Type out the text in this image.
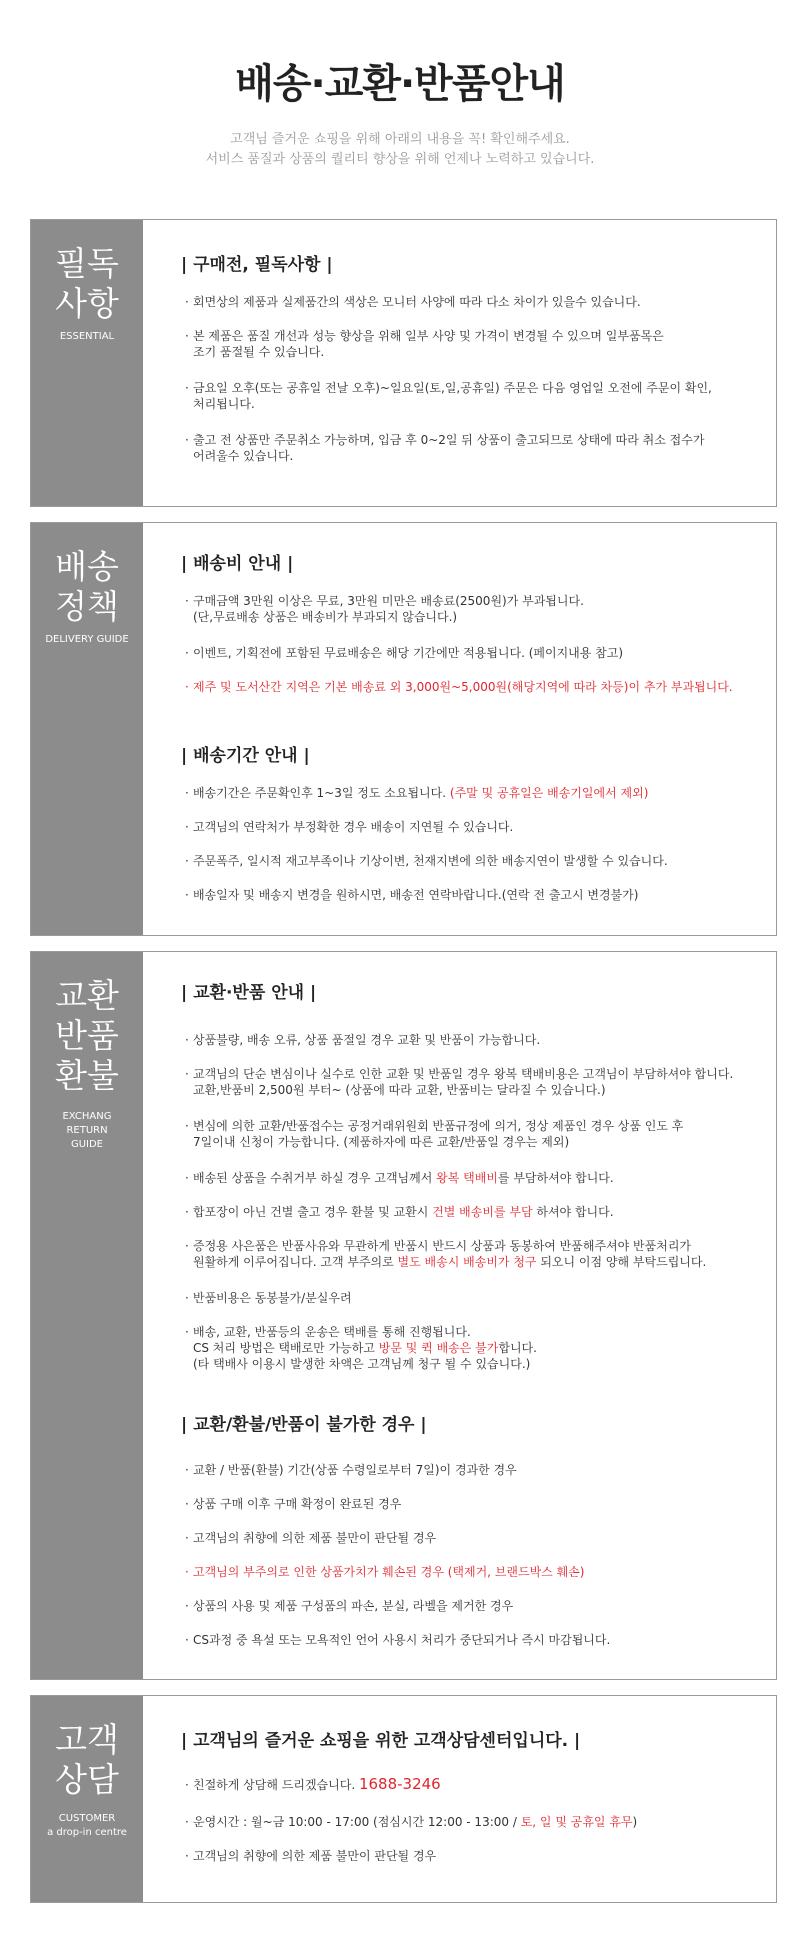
배송·교환·반품안내
고객님 즐거운 쇼핑을 위해 아래의 내용을 꼭! 확인해주세요.
서비스 품질과 상품의 퀄리티 향상을 위해 언제나 노력하고 있습니다.
필독
사항
ESSENTIAL
| 구매전, 필독사항 |
· 회면상의 제품과 실제품간의 색상은 모니터 사양에 따라 다소 차이가 있을수 있습니다.
· 본 제품은 품질 개선과 성능 향상을 위해 일부 사양 및 가격이 변경될 수 있으며 일부품목은
조기 품절될 수 있습니다.
· 금요일 오후(또는 공휴일 전날 오후)~일요일(토,일,공휴일) 주문은 다음 영업일 오전에 주문이 확인,
처리됩니다.
· 출고 전 상품만 주문취소 가능하며, 입금 후 0~2일 뒤 상품이 출고되므로 상태에 따라 취소 접수가
어려울수 있습니다.
배송
정책
DELIVERY GUIDE
| 배송비 안내 |
· 구매금액 3만원 이상은 무료, 3만원 미만은 배송료(2500원)가 부과됩니다.
(단,무료배송 상품은 배송비가 부과되지 않습니다.)
· 이벤트, 기획전에 포함된 무료배송은 해당 기간에만 적용됩니다. (페이지내용 참고)
· 제주 및 도서산간 지역은 기본 배송료 외 3,000원~5,000원(해당지역에 따라 차등)이 추가 부과됩니다.
| 배송기간 안내 |
· 배송기간은 주문확인후 1~3일 정도 소요됩니다. (주말 및 공휴일은 배송기일에서 제외)
· 고객님의 연락처가 부정확한 경우 배송이 지연될 수 있습니다.
· 주문폭주, 일시적 재고부족이나 기상이변, 천재지변에 의한 배송지연이 발생할 수 있습니다.
· 배송일자 및 배송지 변경을 원하시면, 배송전 연락바랍니다.(연락 전 출고시 변경불가)
교환
반품
환불
EXCHANG
RETURN
GUIDE
| 교환·반품 안내 |
· 상품불량, 배송 오류, 상품 품절일 경우 교환 및 반품이 가능합니다.
· 교객님의 단순 변심이나 실수로 인한 교환 및 반품일 경우 왕복 택배비용은 고객님이 부담하셔야 합니다.
교환,반품비 2,500원 부터~ (상품에 따라 교환, 반품비는 달라질 수 있습니다.)
· 변심에 의한 교환/반품접수는 공정거래위원회 반품규정에 의거, 정상 제품인 경우 상품 인도 후
7일이내 신청이 가능합니다. (제품하자에 따른 교환/반품일 경우는 제외)
· 배송된 상품을 수취거부 하실 경우 고객님께서 왕복 택배비를 부담하셔야 합니다.
· 합포장이 아닌 건별 출고 경우 환불 및 교환시 건별 배송비를 부담 하셔야 합니다.
· 증정용 사은품은 반품사유와 무관하게 반품시 반드시 상품과 동봉하여 반품해주셔야 반품처리가
원활하게 이루어집니다. 고객 부주의로 별도 배송시 배송비가 청구 되오니 이점 양해 부탁드립니다.
· 반품비용은 동봉불가/분실우려
· 배송, 교환, 반품등의 운송은 택배를 통해 진행됩니다.
CS 처리 방법은 택배로만 가능하고 방문 및 퀵 배송은 불가합니다.
(타 택배사 이용시 발생한 차액은 고객님께 청구 될 수 있습니다.)
| 교환/환불/반품이 불가한 경우 |
· 교환 / 반품(환불) 기간(상품 수령일로부터 7일)이 경과한 경우
· 상품 구매 이후 구매 확정이 완료된 경우
· 고객님의 취향에 의한 제품 불만이 판단될 경우
· 고객님의 부주의로 인한 상품가치가 훼손된 경우 (택제거, 브랜드박스 훼손)
· 상품의 사용 및 제품 구성품의 파손, 분실, 라벨을 제거한 경우
· CS과정 중 욕설 또는 모욕적인 언어 사용시 처리가 중단되거나 즉시 마감됩니다.
고객
상담
CUSTOMER
a drop-in centre
| 고객님의 즐거운 쇼핑을 위한 고객상담센터입니다. |
· 친절하게 상담해 드리겠습니다. 1688-3246
· 운영시간 : 월~금 10:00 - 17:00 (점심시간 12:00 - 13:00 / 토, 일 및 공휴일 휴무)
· 고객님의 취향에 의한 제품 불만이 판단될 경우
